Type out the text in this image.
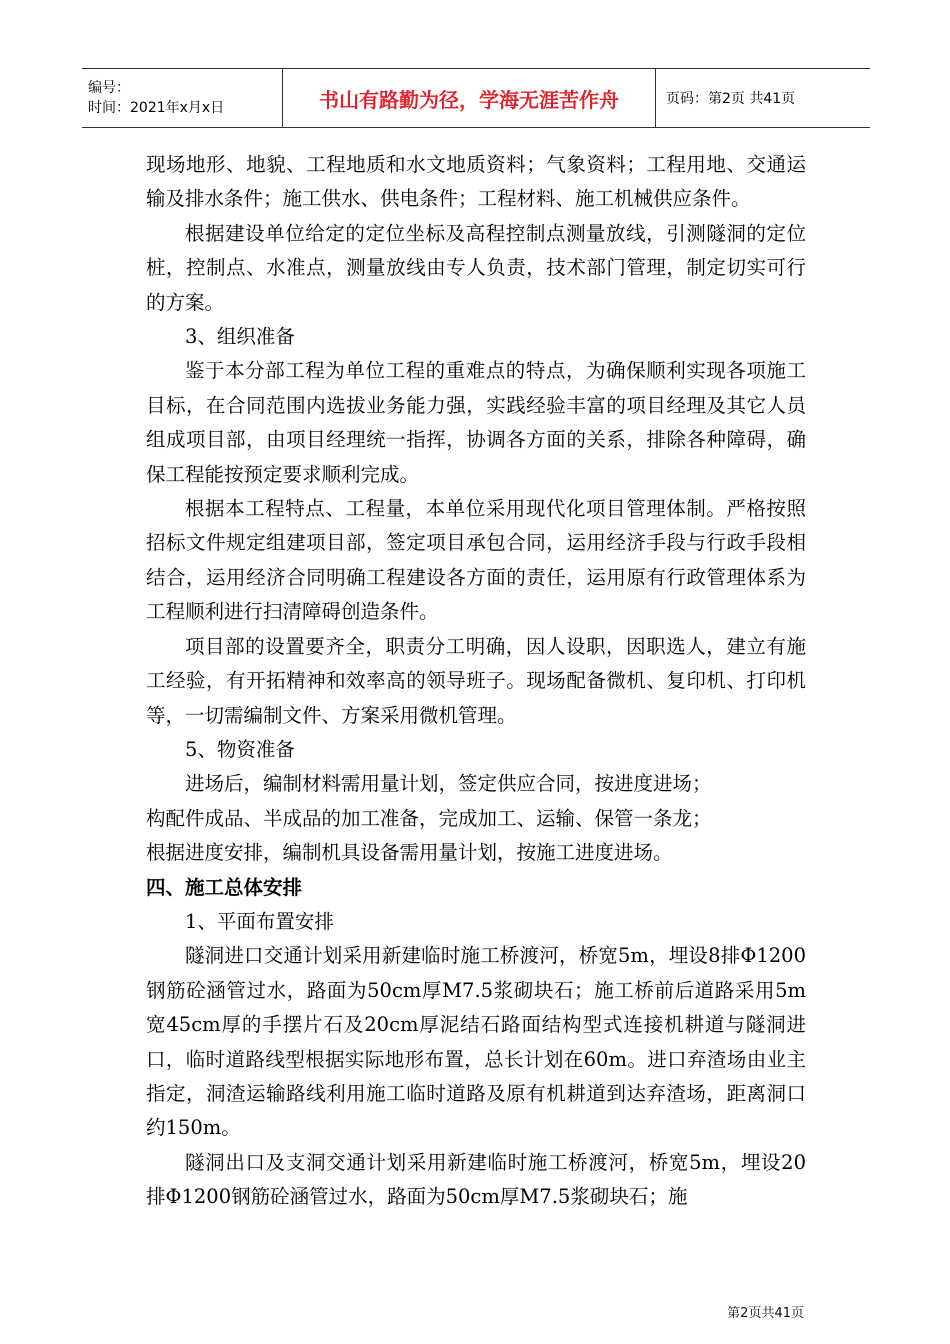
编号：
时间：2021年x月x日	书山有路勤为径，学海无涯苦作舟	页码：第2页 共41页

现场地形、地貌、工程地质和水文地质资料；气象资料；工程用地、交通运输及排水条件；施工供水、供电条件；工程材料、施工机械供应条件。

根据建设单位给定的定位坐标及高程控制点测量放线，引测隧洞的定位桩，控制点、水准点，测量放线由专人负责，技术部门管理，制定切实可行的方案。

3、组织准备

鉴于本分部工程为单位工程的重难点的特点，为确保顺利实现各项施工目标，在合同范围内选拔业务能力强，实践经验丰富的项目经理及其它人员组成项目部，由项目经理统一指挥，协调各方面的关系，排除各种障碍，确保工程能按预定要求顺利完成。

根据本工程特点、工程量，本单位采用现代化项目管理体制。严格按照招标文件规定组建项目部，签定项目承包合同，运用经济手段与行政手段相结合，运用经济合同明确工程建设各方面的责任，运用原有行政管理体系为工程顺利进行扫清障碍创造条件。

项目部的设置要齐全，职责分工明确，因人设职，因职选人，建立有施工经验，有开拓精神和效率高的领导班子。现场配备微机、复印机、打印机等，一切需编制文件、方案采用微机管理。

5、物资准备

进场后，编制材料需用量计划，签定供应合同，按进度进场；

构配件成品、半成品的加工准备，完成加工、运输、保管一条龙；

根据进度安排，编制机具设备需用量计划，按施工进度进场。

四、施工总体安排

1、平面布置安排

隧洞进口交通计划采用新建临时施工桥渡河，桥宽5m，埋设8排Φ1200钢筋砼涵管过水，路面为50cm厚M7.5浆砌块石；施工桥前后道路采用5m宽45cm厚的手摆片石及20cm厚泥结石路面结构型式连接机耕道与隧洞进口，临时道路线型根据实际地形布置，总长计划在60m。进口弃渣场由业主指定，洞渣运输路线利用施工临时道路及原有机耕道到达弃渣场，距离洞口约150m。

隧洞出口及支洞交通计划采用新建临时施工桥渡河，桥宽5m，埋设20排Φ1200钢筋砼涵管过水，路面为50cm厚M7.5浆砌块石；施

第2页共41页
